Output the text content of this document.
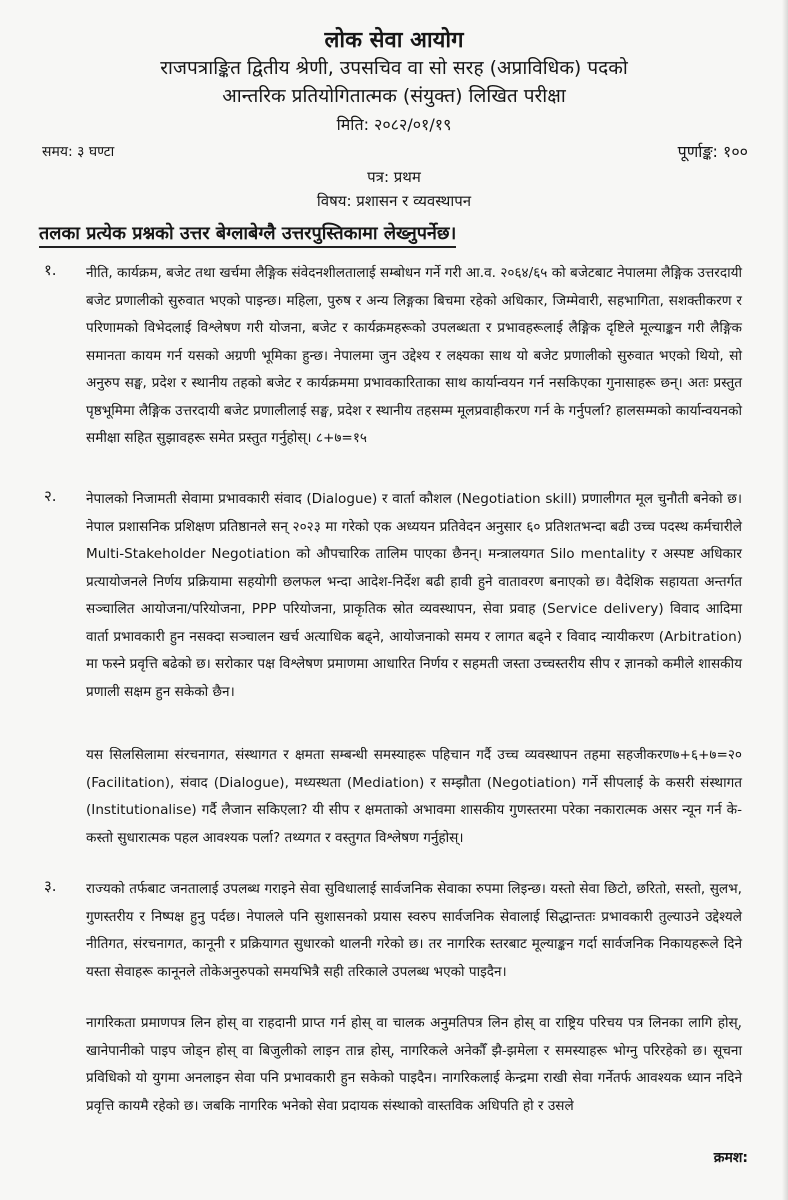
लोक सेवा आयोग
राजपत्राङ्कित द्वितीय श्रेणी, उपसचिव वा सो सरह (अप्राविधिक) पदको
आन्तरिक प्रतियोगितात्मक (संयुक्त) लिखित परीक्षा
मिति: २०८२/०१/१९
समय: ३ घण्टा	पूर्णाङ्क: १००
पत्र: प्रथम
विषय: प्रशासन र व्यवस्थापन
तलका प्रत्येक प्रश्नको उत्तर बेग्लाबेग्लै उत्तरपुस्तिकामा लेख्नुपर्नेछ।
१. नीति, कार्यक्रम, बजेट तथा खर्चमा लैङ्गिक संवेदनशीलतालाई सम्बोधन गर्ने गरी आ.व. २०६४/६५ को बजेटबाट नेपालमा लैङ्गिक उत्तरदायी बजेट प्रणालीको सुरुवात भएको पाइन्छ। महिला, पुरुष र अन्य लिङ्गका बिचमा रहेको अधिकार, जिम्मेवारी, सहभागिता, सशक्तीकरण र परिणामको विभेदलाई विश्लेषण गरी योजना, बजेट र कार्यक्रमहरूको उपलब्धता र प्रभावहरूलाई लैङ्गिक दृष्टिले मूल्याङ्कन गरी लैङ्गिक समानता कायम गर्न यसको अग्रणी भूमिका हुन्छ। नेपालमा जुन उद्देश्य र लक्ष्यका साथ यो बजेट प्रणालीको सुरुवात भएको थियो, सो अनुरुप सङ्घ, प्रदेश र स्थानीय तहको बजेट र कार्यक्रममा प्रभावकारिताका साथ कार्यान्वयन गर्न नसकिएका गुनासाहरू छन्। अतः प्रस्तुत पृष्ठभूमिमा लैङ्गिक उत्तरदायी बजेट प्रणालीलाई सङ्घ, प्रदेश र स्थानीय तहसम्म मूलप्रवाहीकरण गर्न के गर्नुपर्ला? हालसम्मको कार्यान्वयनको समीक्षा सहित सुझावहरू समेत प्रस्तुत गर्नुहोस्। ८+७=१५
२. नेपालको निजामती सेवामा प्रभावकारी संवाद (Dialogue) र वार्ता कौशल (Negotiation skill) प्रणालीगत मूल चुनौती बनेको छ। नेपाल प्रशासनिक प्रशिक्षण प्रतिष्ठानले सन् २०२३ मा गरेको एक अध्ययन प्रतिवेदन अनुसार ६० प्रतिशतभन्दा बढी उच्च पदस्थ कर्मचारीले Multi-Stakeholder Negotiation को औपचारिक तालिम पाएका छैनन्। मन्त्रालयगत Silo mentality र अस्पष्ट अधिकार प्रत्यायोजनले निर्णय प्रक्रियामा सहयोगी छलफल भन्दा आदेश-निर्देश बढी हावी हुने वातावरण बनाएको छ। वैदेशिक सहायता अन्तर्गत सञ्चालित आयोजना/परियोजना, PPP परियोजना, प्राकृतिक स्रोत व्यवस्थापन, सेवा प्रवाह (Service delivery) विवाद आदिमा वार्ता प्रभावकारी हुन नसक्दा सञ्चालन खर्च अत्याधिक बढ्ने, आयोजनाको समय र लागत बढ्ने र विवाद न्यायीकरण (Arbitration) मा फस्ने प्रवृत्ति बढेको छ। सरोकार पक्ष विश्लेषण प्रमाणमा आधारित निर्णय र सहमती जस्ता उच्चस्तरीय सीप र ज्ञानको कमीले शासकीय प्रणाली सक्षम हुन सकेको छैन।
७+६+७=२०
यस सिलसिलामा संरचनागत, संस्थागत र क्षमता सम्बन्धी समस्याहरू पहिचान गर्दै उच्च व्यवस्थापन तहमा सहजीकरण (Facilitation), संवाद (Dialogue), मध्यस्थता (Mediation) र सम्झौता (Negotiation) गर्ने सीपलाई के कसरी संस्थागत (Institutionalise) गर्दै लैजान सकिएला? यी सीप र क्षमताको अभावमा शासकीय गुणस्तरमा परेका नकारात्मक असर न्यून गर्न के-कस्तो सुधारात्मक पहल आवश्यक पर्ला? तथ्यगत र वस्तुगत विश्लेषण गर्नुहोस्।
३. राज्यको तर्फबाट जनतालाई उपलब्ध गराइने सेवा सुविधालाई सार्वजनिक सेवाका रुपमा लिइन्छ। यस्तो सेवा छिटो, छरितो, सस्तो, सुलभ, गुणस्तरीय र निष्पक्ष हुनु पर्दछ। नेपालले पनि सुशासनको प्रयास स्वरुप सार्वजनिक सेवालाई सिद्धान्ततः प्रभावकारी तुल्याउने उद्देश्यले नीतिगत, संरचनागत, कानूनी र प्रक्रियागत सुधारको थालनी गरेको छ। तर नागरिक स्तरबाट मूल्याङ्कन गर्दा सार्वजनिक निकायहरूले दिने यस्ता सेवाहरू कानूनले तोकेअनुरुपको समयभित्रै सही तरिकाले उपलब्ध भएको पाइदैन।
नागरिकता प्रमाणपत्र लिन होस् वा राहदानी प्राप्त गर्न होस् वा चालक अनुमतिपत्र लिन होस् वा राष्ट्रिय परिचय पत्र लिनका लागि होस्, खानेपानीको पाइप जोड्न होस् वा बिजुलीको लाइन तान्न होस्, नागरिकले अनेकौँ झै-झमेला र समस्याहरू भोग्नु परिरहेको छ। सूचना प्रविधिको यो युगमा अनलाइन सेवा पनि प्रभावकारी हुन सकेको पाइदैन। नागरिकलाई केन्द्रमा राखी सेवा गर्नेतर्फ आवश्यक ध्यान नदिने प्रवृत्ति कायमै रहेको छ। जबकि नागरिक भनेको सेवा प्रदायक संस्थाको वास्तविक अधिपति हो र उसले
क्रमश:
